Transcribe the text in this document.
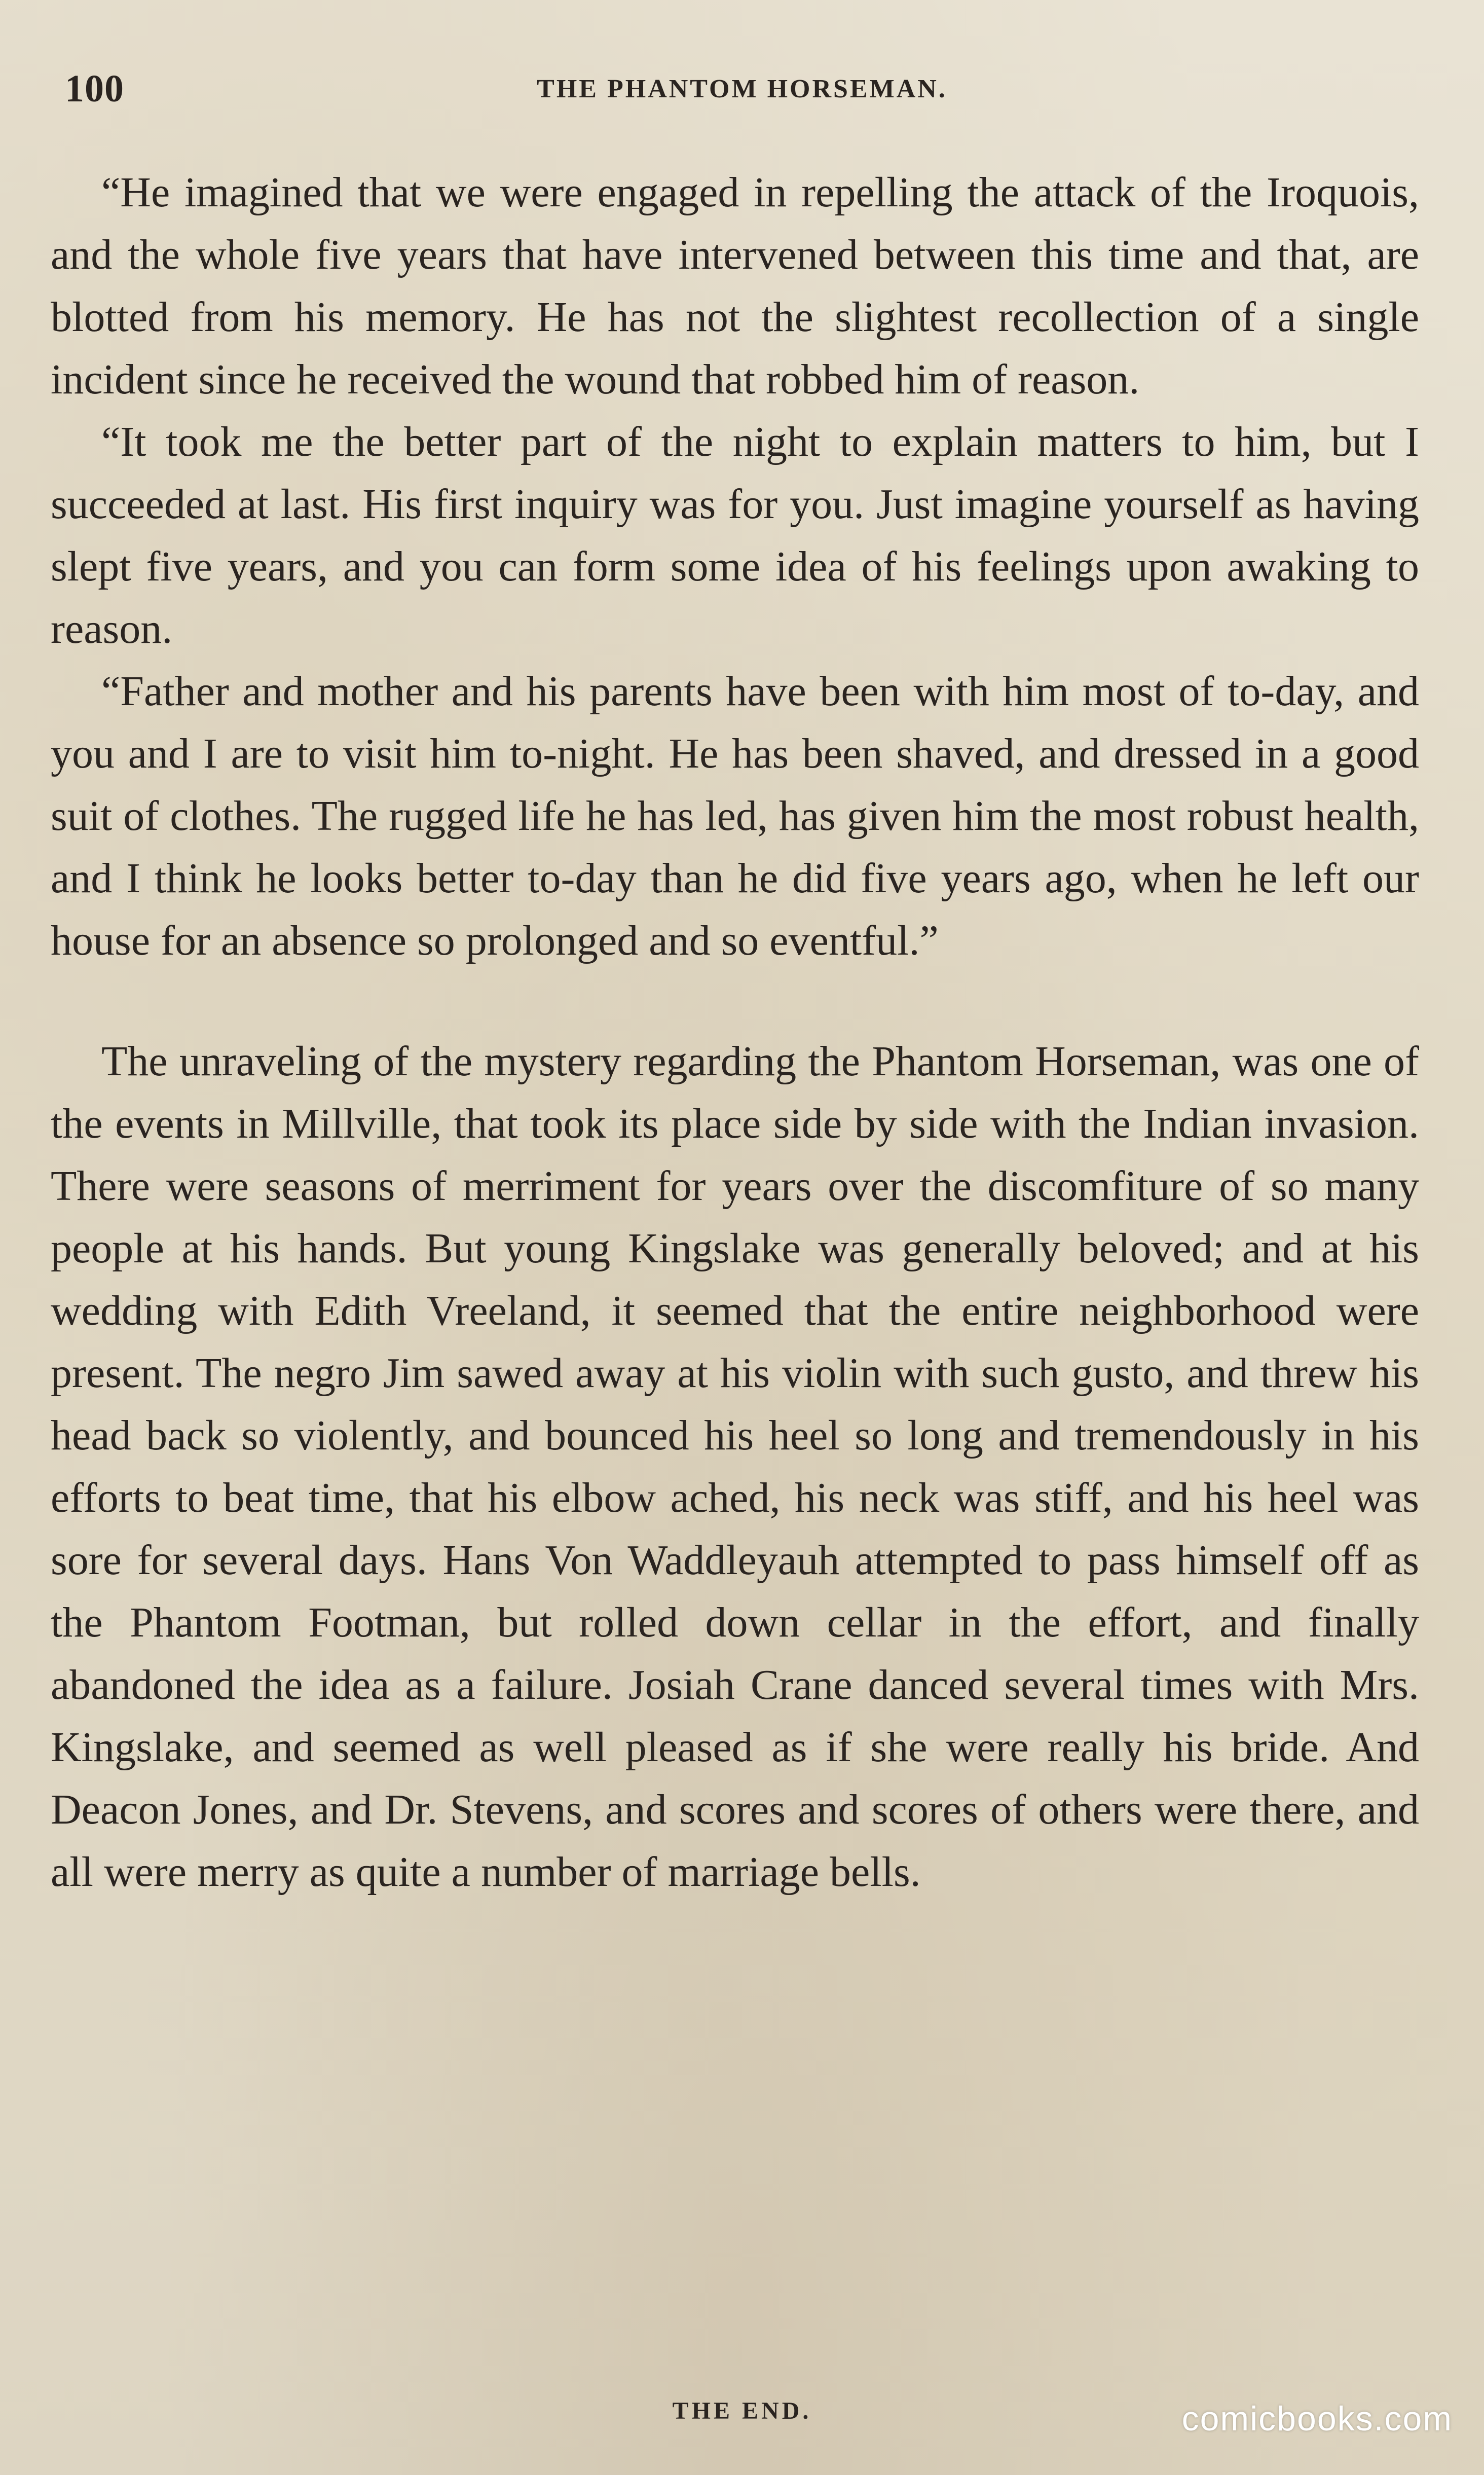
100	THE PHANTOM HORSEMAN.

“He imagined that we were engaged in repelling the attack of the Iroquois, and the whole five years that have intervened between this time and that, are blotted from his memory. He has not the slightest recollection of a single incident since he received the wound that robbed him of reason.

“It took me the better part of the night to explain matters to him, but I succeeded at last. His first inquiry was for you. Just imagine yourself as having slept five years, and you can form some idea of his feelings upon awaking to reason.

“Father and mother and his parents have been with him most of to-day, and you and I are to visit him to-night. He has been shaved, and dressed in a good suit of clothes. The rugged life he has led, has given him the most robust health, and I think he looks better to-day than he did five years ago, when he left our house for an absence so prolonged and so eventful.”

The unraveling of the mystery regarding the Phantom Horseman, was one of the events in Millville, that took its place side by side with the Indian invasion. There were seasons of merriment for years over the discomfiture of so many people at his hands. But young Kingslake was generally beloved; and at his wedding with Edith Vreeland, it seemed that the entire neighborhood were present. The negro Jim sawed away at his violin with such gusto, and threw his head back so violently, and bounced his heel so long and tremendously in his efforts to beat time, that his elbow ached, his neck was stiff, and his heel was sore for several days. Hans Von Waddleyauh attempted to pass himself off as the Phantom Footman, but rolled down cellar in the effort, and finally abandoned the idea as a failure. Josiah Crane danced several times with Mrs. Kingslake, and seemed as well pleased as if she were really his bride. And Deacon Jones, and Dr. Stevens, and scores and scores of others were there, and all were merry as quite a number of marriage bells.

THE END.	comicbooks.com
